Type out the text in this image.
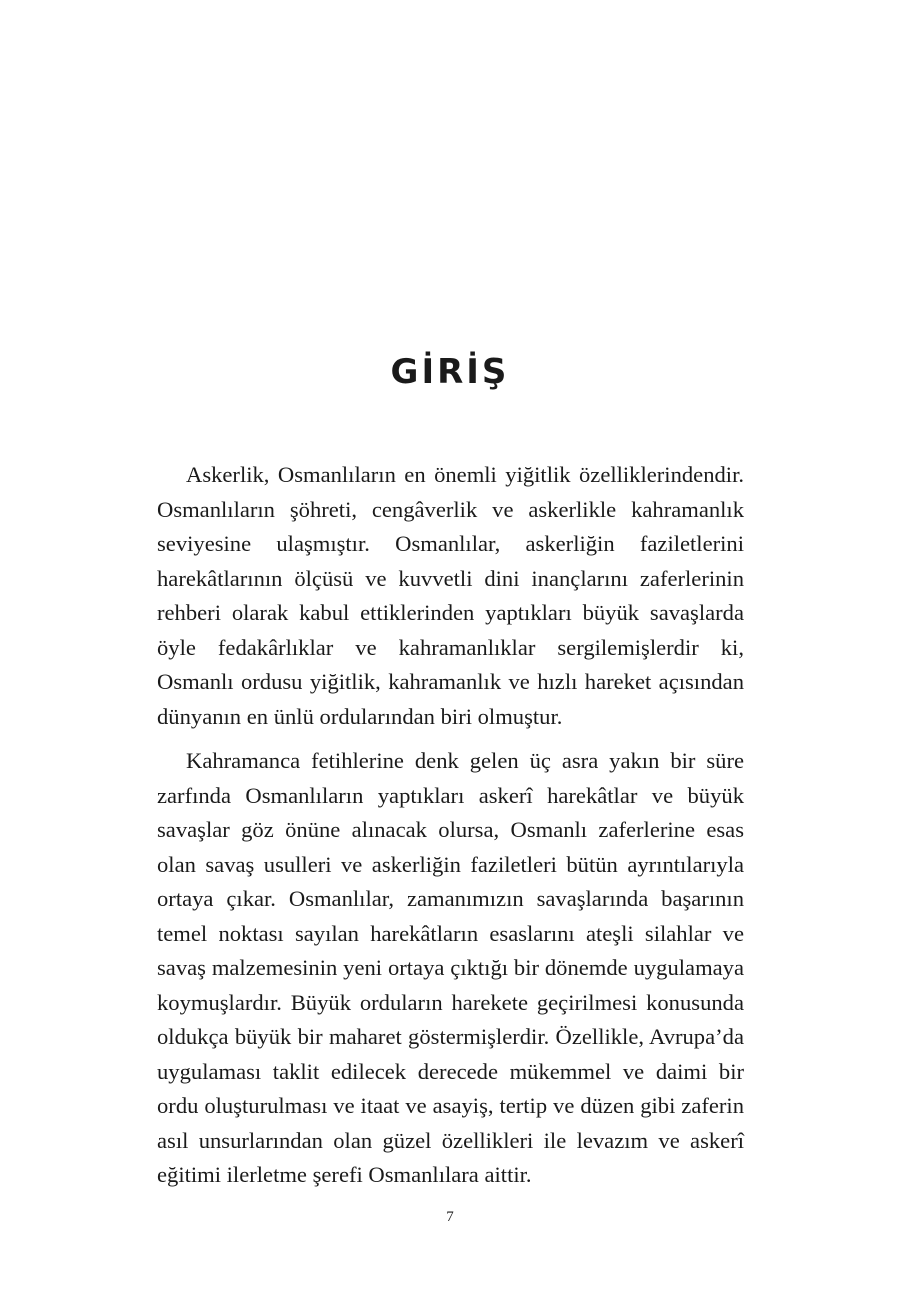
GİRİŞ

Askerlik, Osmanlıların en önemli yiğitlik özelliklerindendir. Osmanlıların şöhreti, cengâverlik ve askerlikle kahramanlık seviyesine ulaşmıştır. Osmanlılar, askerliğin faziletlerini harekâtlarının ölçüsü ve kuvvetli dini inançlarını zaferlerinin rehberi olarak kabul ettiklerinden yaptıkları büyük savaşlarda öyle fedakârlıklar ve kahramanlıklar sergilemişlerdir ki, Osmanlı ordusu yiğitlik, kahramanlık ve hızlı hareket açısından dünyanın en ünlü ordularından biri olmuştur.

Kahramanca fetihlerine denk gelen üç asra yakın bir süre zarfında Osmanlıların yaptıkları askerî harekâtlar ve büyük savaşlar göz önüne alınacak olursa, Osmanlı zaferlerine esas olan savaş usulleri ve askerliğin faziletleri bütün ayrıntılarıyla ortaya çıkar. Osmanlılar, zamanımızın savaşlarında başarının temel noktası sayılan harekâtların esaslarını ateşli silahlar ve savaş malzemesinin yeni ortaya çıktığı bir dönemde uygulamaya koymuşlardır. Büyük orduların harekete geçirilmesi konusunda oldukça büyük bir maharet göstermişlerdir. Özellikle, Avrupa’da uygulaması taklit edilecek derecede mükemmel ve daimi bir ordu oluşturulması ve itaat ve asayiş, tertip ve düzen gibi zaferin asıl unsurlarından olan güzel özellikleri ile levazım ve askerî eğitimi ilerletme şerefi Osmanlılara aittir.

7
